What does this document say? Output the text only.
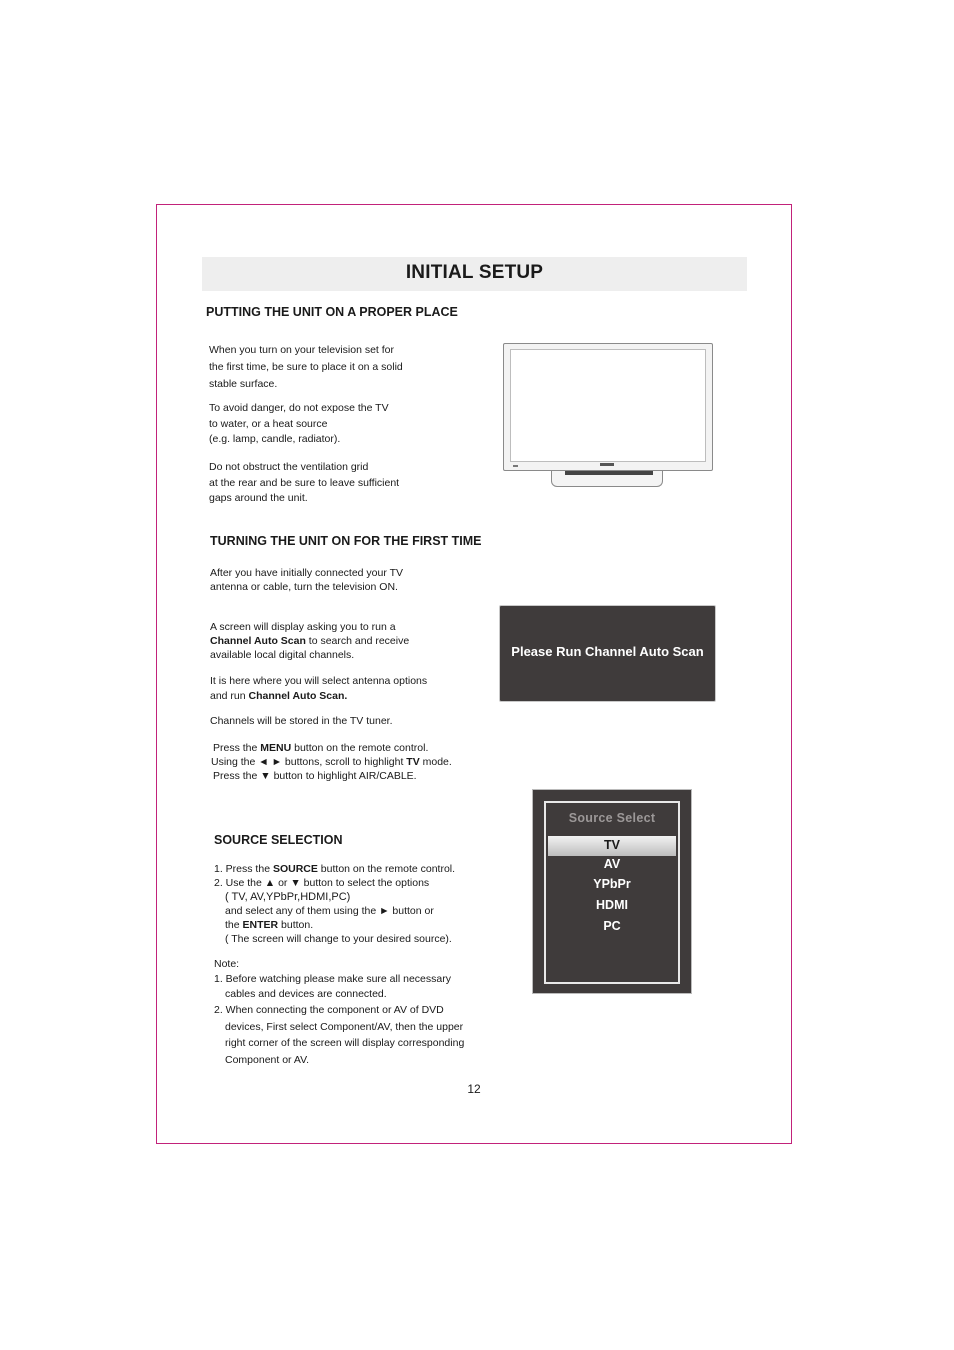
INITIAL SETUP
PUTTING THE UNIT ON A PROPER PLACE
When you turn on your television set for
the first time, be sure to place it on a solid
stable surface.
To avoid danger, do not expose the TV
to water, or a heat source
(e.g. lamp, candle, radiator).
Do not obstruct the ventilation grid
at the rear and be sure to leave sufficient
gaps around the unit.
TURNING THE UNIT ON FOR THE FIRST TIME
After you have initially connected your TV
antenna or cable, turn the television ON.
A screen will display asking you to run a
Channel Auto Scan to search and receive
available local digital channels.
It is here where you will select antenna options
and run Channel Auto Scan.
Channels will be stored in the TV tuner.
Press the MENU button on the remote control.
Using the ◄ ► buttons, scroll to highlight TV mode.
Press the ▼ button to highlight AIR/CABLE.
Please Run Channel Auto Scan
SOURCE SELECTION
1. Press the SOURCE button on the remote control.
2. Use the ▲ or ▼ button to select the options
( TV, AV,YPbPr,HDMI,PC)
and select any of them using the ► button or
the ENTER button.
( The screen will change to your desired source).
Note:
1. Before watching please make sure all necessary
cables and devices are connected.
2. When connecting the component or AV of DVD
devices, First select Component/AV, then the upper
right corner of the screen will display corresponding
Component or AV.
Source Select
TV
AV
YPbPr
HDMI
PC
12
